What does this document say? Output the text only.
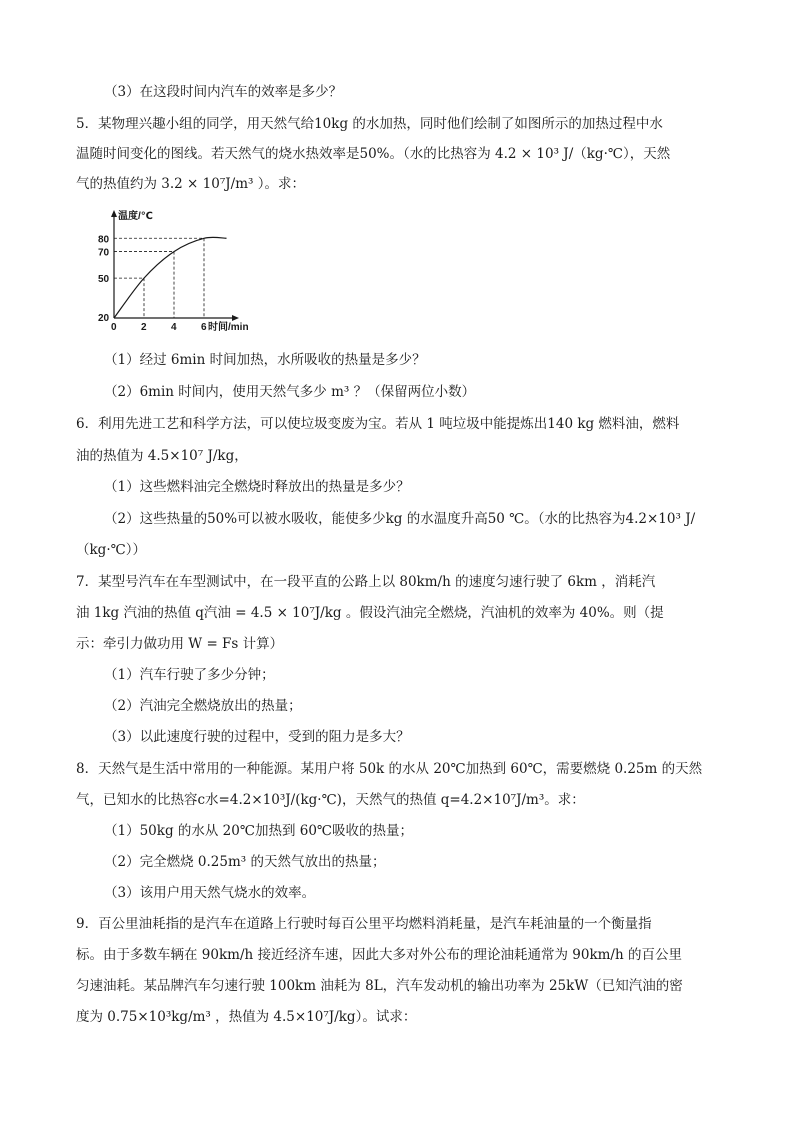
（3）在这段时间内汽车的效率是多少？
5．某物理兴趣小组的同学，用天然气给10kg 的水加热，同时他们绘制了如图所示的加热过程中水
温随时间变化的图线。若天然气的烧水热效率是50%。（水的比热容为 4.2 × 10³ J/（kg·℃），天然
气的热值约为 3.2 × 10⁷J/m³ ）。求：
0 2 4 6
20
50
70
80
温度/℃
时间/min
（1）经过 6min 时间加热，水所吸收的热量是多少？
（2）6min 时间内，使用天然气多少 m³ ？（保留两位小数）
6．利用先进工艺和科学方法，可以使垃圾变废为宝。若从 1 吨垃圾中能提炼出140 kg 燃料油，燃料
油的热值为 4.5×10⁷ J/kg，
（1）这些燃料油完全燃烧时释放出的热量是多少？
（2）这些热量的50%可以被水吸收，能使多少kg 的水温度升高50 ℃。（水的比热容为4.2×10³ J/
（kg·℃））
7．某型号汽车在车型测试中，在一段平直的公路上以 80km/h 的速度匀速行驶了 6km ，消耗汽
油 1kg 汽油的热值 q汽油 = 4.5 × 10⁷J/kg 。假设汽油完全燃烧，汽油机的效率为 40%。则（提
示：牵引力做功用 W = Fs 计算）
（1）汽车行驶了多少分钟；
（2）汽油完全燃烧放出的热量；
（3）以此速度行驶的过程中，受到的阻力是多大？
8．天然气是生活中常用的一种能源。某用户将 50k 的水从 20℃加热到 60℃，需要燃烧 0.25m 的天然
气，已知水的比热容c水=4.2×10³J/(kg·℃)，天然气的热值 q=4.2×10⁷J/m³。求：
（1）50kg 的水从 20℃加热到 60℃吸收的热量；
（2）完全燃烧 0.25m³ 的天然气放出的热量；
（3）该用户用天然气烧水的效率。
9．百公里油耗指的是汽车在道路上行驶时每百公里平均燃料消耗量，是汽车耗油量的一个衡量指
标。由于多数车辆在 90km/h 接近经济车速，因此大多对外公布的理论油耗通常为 90km/h 的百公里
匀速油耗。某品牌汽车匀速行驶 100km 油耗为 8L，汽车发动机的输出功率为 25kW（已知汽油的密
度为 0.75×10³kg/m³ ，热值为 4.5×10⁷J/kg）。试求：
